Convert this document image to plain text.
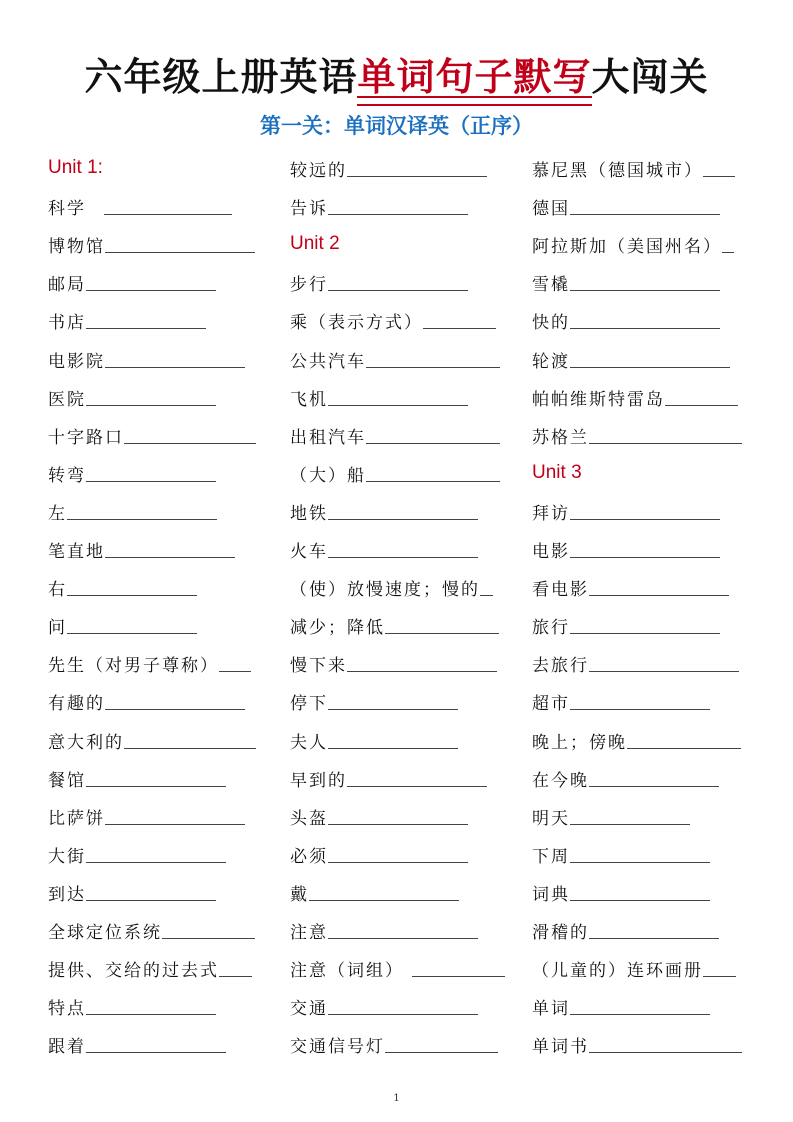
六年级上册英语单词句子默写大闯关
第一关：单词汉译英（正序）
Unit 1:
科学
博物馆
邮局
书店
电影院
医院
十字路口
转弯
左
笔直地
右
问
先生（对男子尊称）
有趣的
意大利的
餐馆
比萨饼
大街
到达
全球定位系统
提供、交给的过去式
特点
跟着
较远的
告诉
Unit 2
步行
乘（表示方式）
公共汽车
飞机
出租汽车
（大）船
地铁
火车
（使）放慢速度；慢的
减少；降低
慢下来
停下
夫人
早到的
头盔
必须
戴
注意
注意（词组）
交通
交通信号灯
慕尼黑（德国城市）
德国
阿拉斯加（美国州名）
雪橇
快的
轮渡
帕帕维斯特雷岛
苏格兰
Unit 3
拜访
电影
看电影
旅行
去旅行
超市
晚上；傍晚
在今晚
明天
下周
词典
滑稽的
（儿童的）连环画册
单词
单词书
1
